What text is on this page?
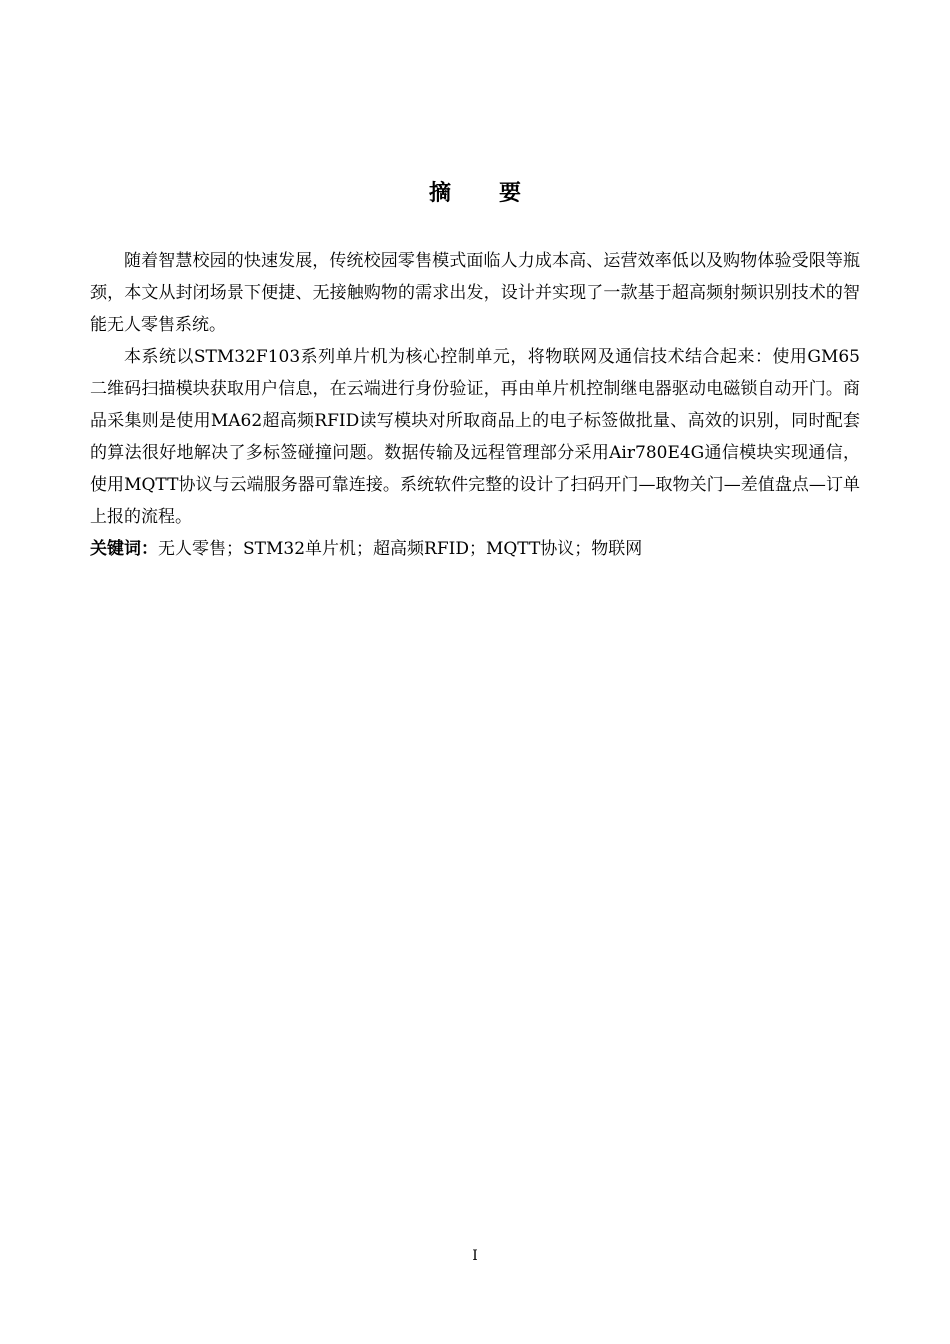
摘要

随着智慧校园的快速发展，传统校园零售模式面临人力成本高、运营效率低以及购物体验受限等瓶颈，本文从封闭场景下便捷、无接触购物的需求出发，设计并实现了一款基于超高频射频识别技术的智能无人零售系统。

本系统以STM32F103系列单片机为核心控制单元，将物联网及通信技术结合起来：使用GM65二维码扫描模块获取用户信息，在云端进行身份验证，再由单片机控制继电器驱动电磁锁自动开门。商品采集则是使用MA62超高频RFID读写模块对所取商品上的电子标签做批量、高效的识别，同时配套的算法很好地解决了多标签碰撞问题。数据传输及远程管理部分采用Air780E4G通信模块实现通信，使用MQTT协议与云端服务器可靠连接。系统软件完整的设计了扫码开门—取物关门—差值盘点—订单上报的流程。

关键词：无人零售；STM32单片机；超高频RFID；MQTT协议；物联网

I
